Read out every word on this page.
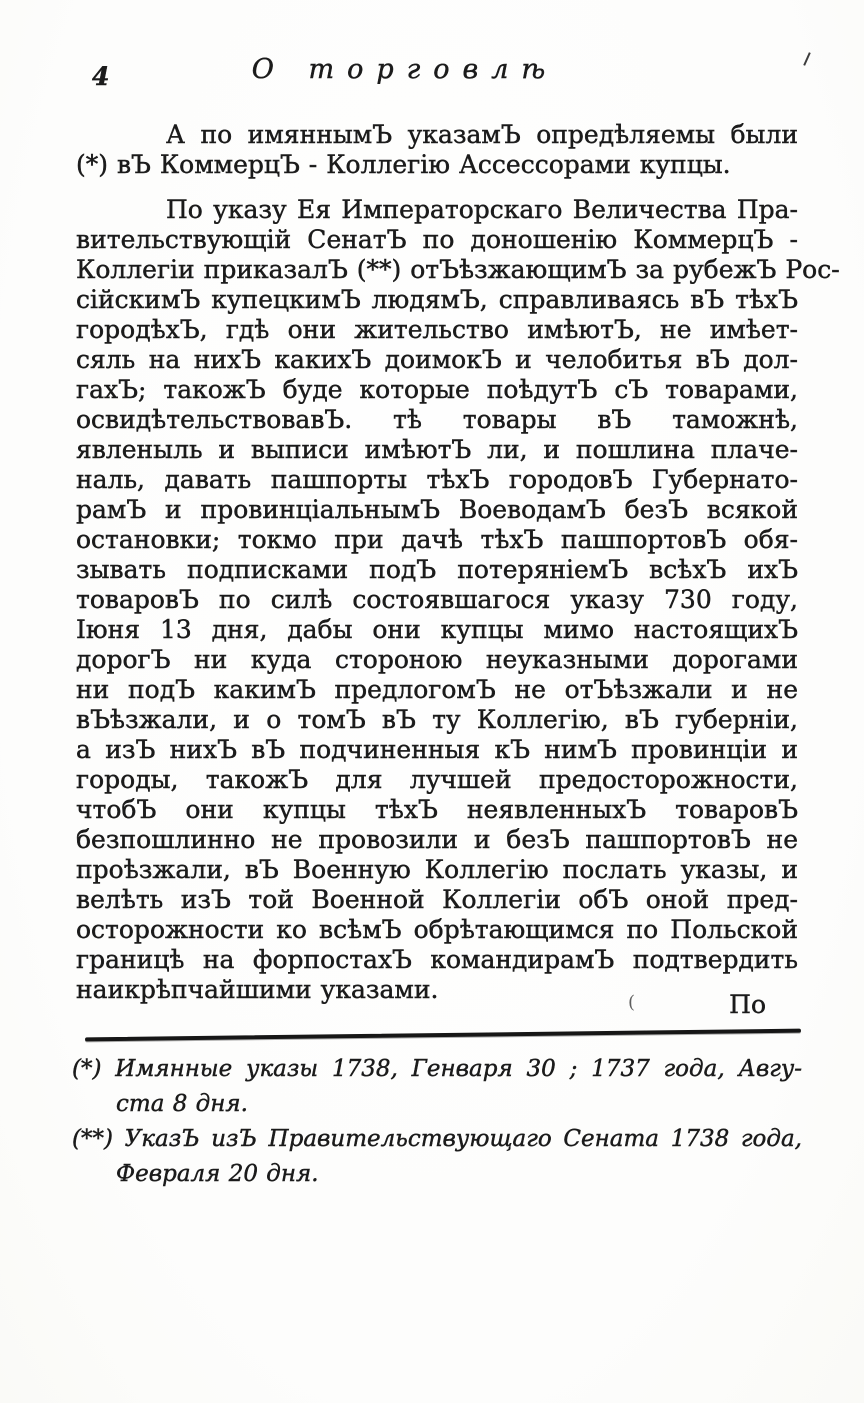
4	О торговлѣ
А по имяннымЪ указамЪ опредѣляемы были
(*) вЪ КоммерцЪ - Коллегію Ассессорами купцы.
По указу Ея Императорскаго Величества Пра-
вительствующій СенатЪ по доношенію КоммерцЪ -
Коллегіи приказалЪ (**) отЪѣзжающимЪ за рубежЪ Рос-
сійскимЪ купецкимЪ людямЪ, справливаясь вЪ тѣхЪ
городѣхЪ, гдѣ они жительство имѣютЪ, не имѣет-
сяль на нихЪ какихЪ доимокЪ и челобитья вЪ дол-
гахЪ; такожЪ буде которые поѣдутЪ сЪ товарами,
освидѣтельствовавЪ. тѣ товары вЪ таможнѣ,
явленыль и выписи имѣютЪ ли, и пошлина плаче-
наль, давать пашпорты тѣхЪ городовЪ Губернато-
рамЪ и провинціальнымЪ ВоеводамЪ безЪ всякой
остановки; токмо при дачѣ тѣхЪ пашпортовЪ обя-
зывать подписками подЪ потеряніемЪ всѣхЪ ихЪ
товаровЪ по силѣ состоявшагося указу 730 году,
Іюня 13 дня, дабы они купцы мимо настоящихЪ
дорогЪ ни куда стороною неуказными дорогами
ни подЪ какимЪ предлогомЪ не отЪѣзжали и не
вЪѣзжали, и о томЪ вЪ ту Коллегію, вЪ губерніи,
а изЪ нихЪ вЪ подчиненныя кЪ нимЪ провинціи и
городы, такожЪ для лучшей предосторожности,
чтобЪ они купцы тѣхЪ неявленныхЪ товаровЪ
безпошлинно не провозили и безЪ пашпортовЪ не
проѣзжали, вЪ Военную Коллегію послать указы, и
велѣть изЪ той Военной Коллегіи обЪ оной пред-
осторожности ко всѣмЪ обрѣтающимся по Польской
границѣ на форпостахЪ командирамЪ подтвердить
наикрѣпчайшими указами.	(	По
(*) Имянные указы 1738, Генваря 30 ; 1737 года, Авгу-
ста 8 дня.
(**) УказЪ изЪ Правительствующаго Сената 1738 года,
Февраля 20 дня.
